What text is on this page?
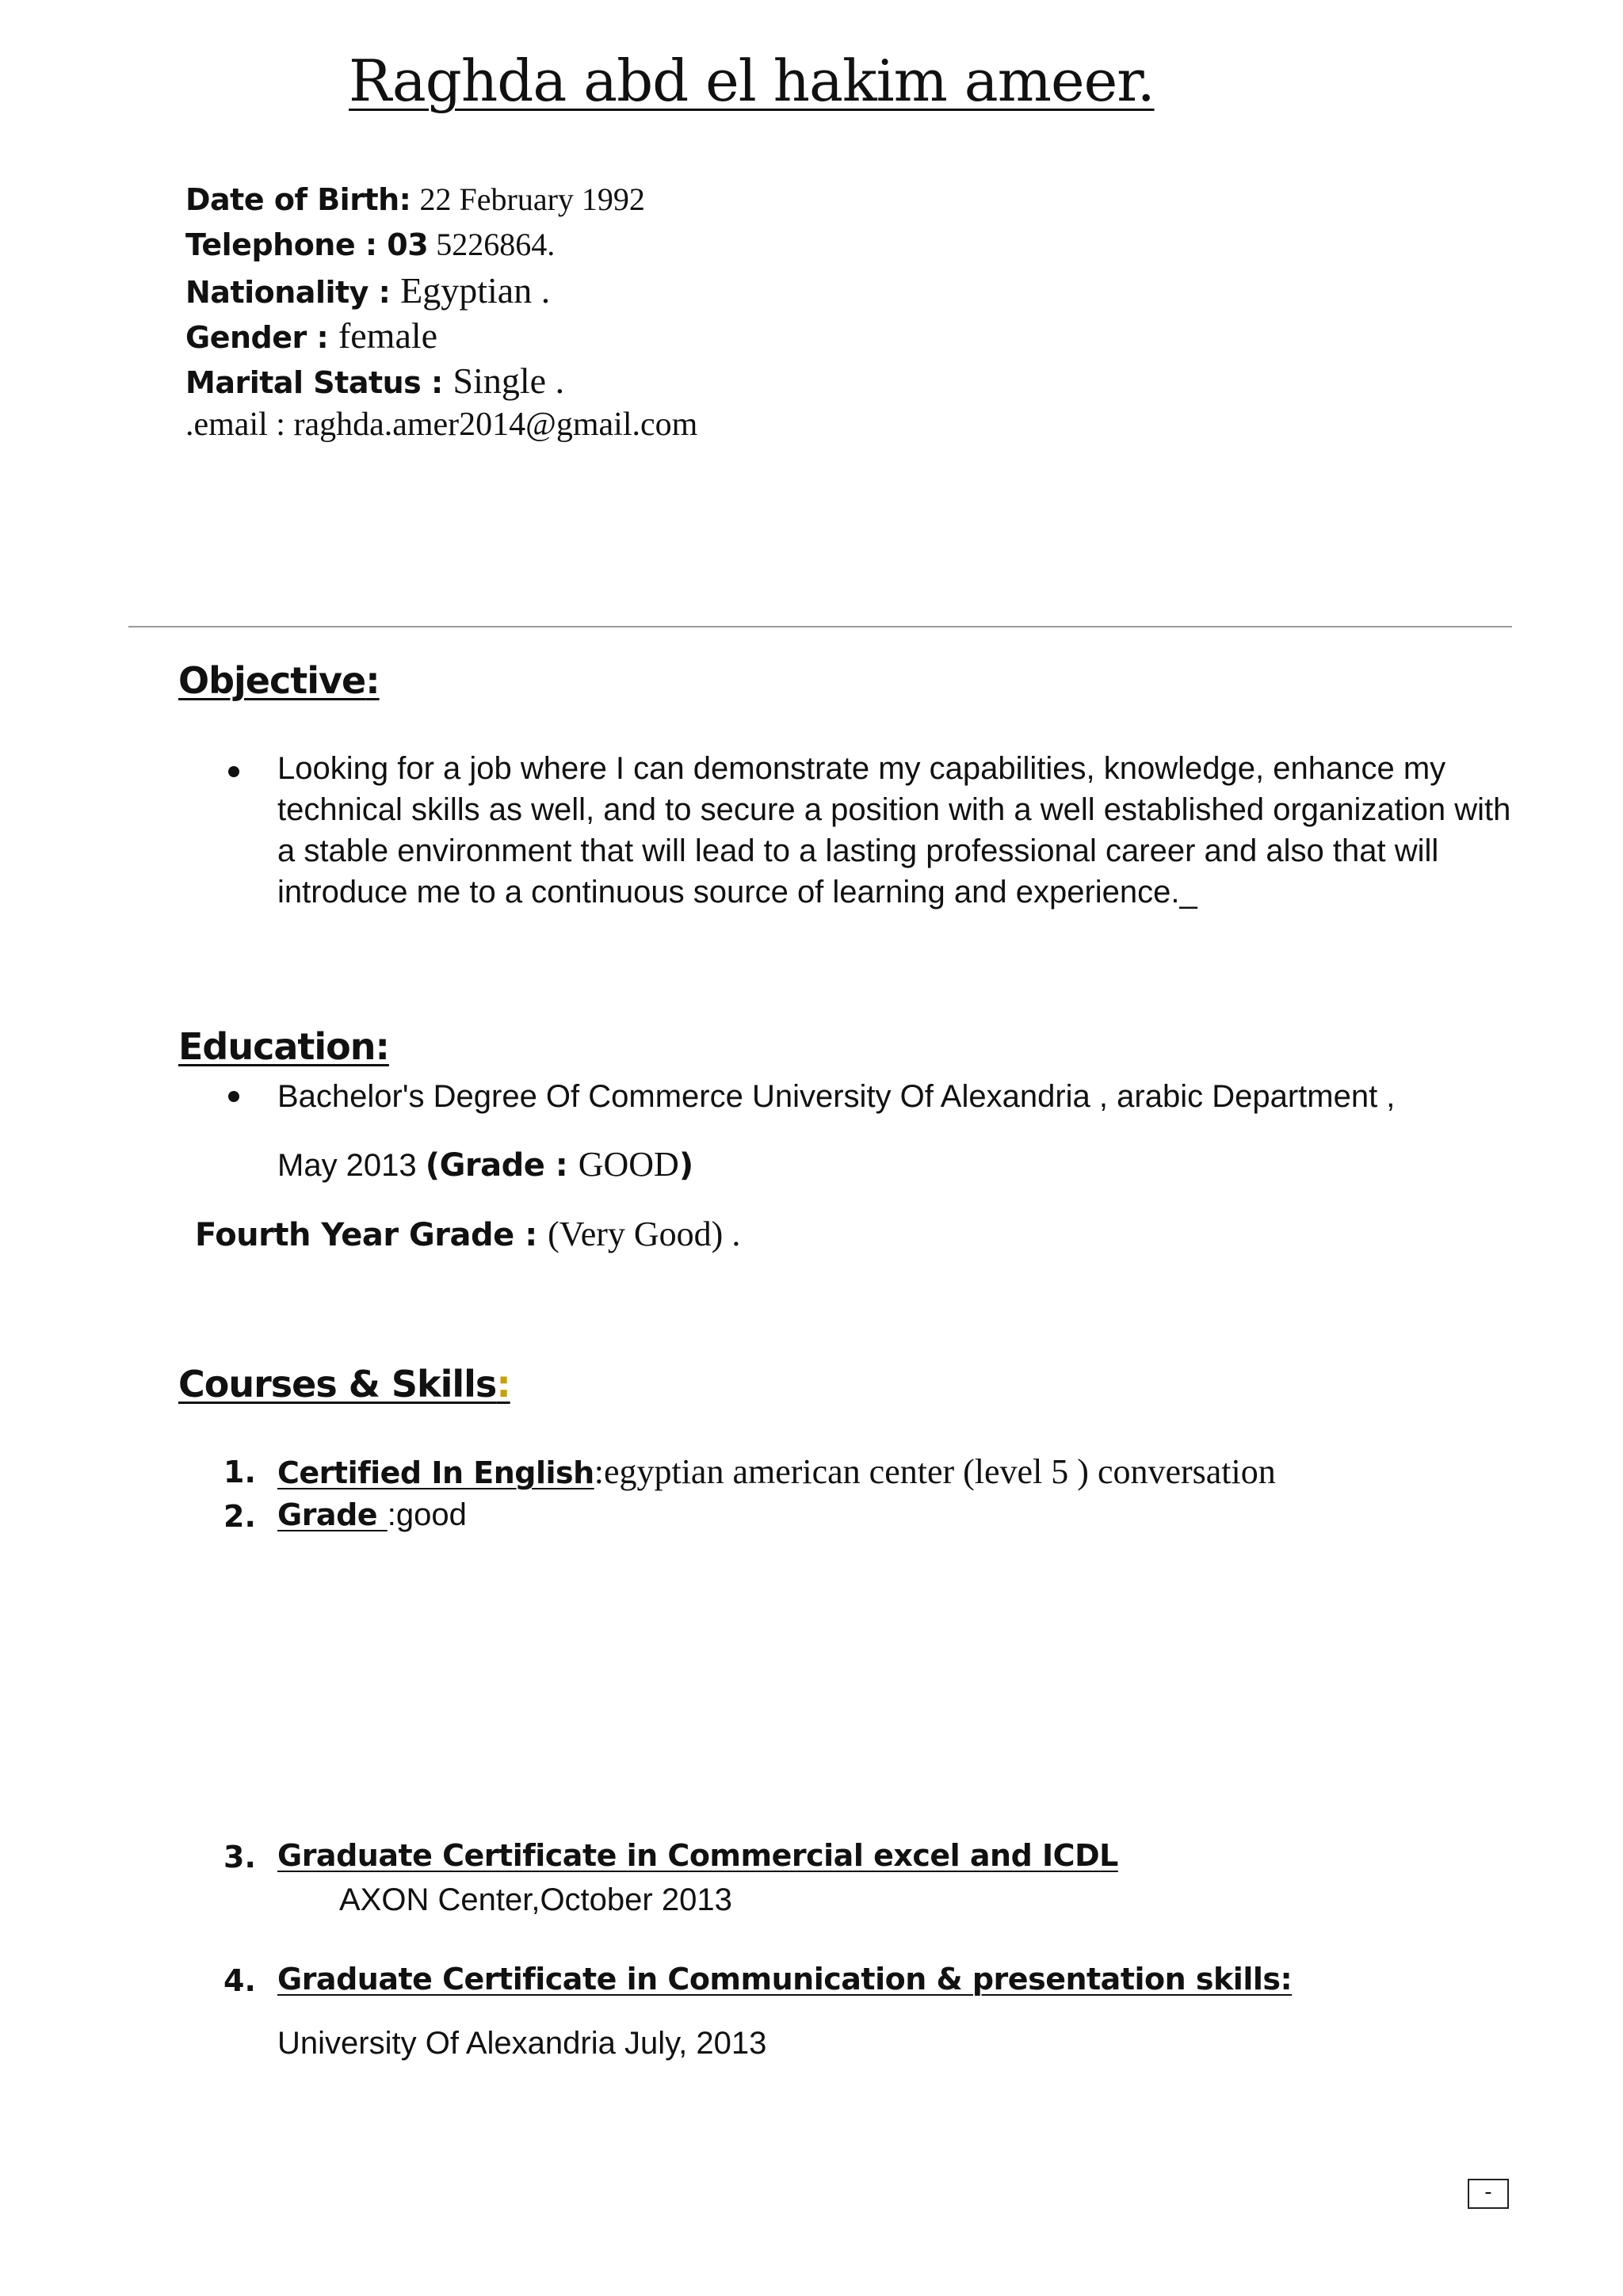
Raghda abd el hakim ameer.
Date of Birth: 22 February 1992
Telephone : 03 5226864.
Nationality : Egyptian .
Gender : female
Marital Status : Single .
.email : raghda.amer2014@gmail.com
Objective:
Looking for a job where I can demonstrate my capabilities, knowledge, enhance my technical skills as well, and to secure a position with a well established organization with a stable environment that will lead to a lasting professional career and also that will introduce me to a continuous source of learning and experience._
Education:
Bachelor's Degree Of Commerce University Of Alexandria , arabic Department ,
May 2013 (Grade : GOOD)
Fourth Year Grade : (Very Good) .
Courses & Skills:
1. Certified In English:egyptian american center (level 5 ) conversation
2. Grade :good
3. Graduate Certificate in Commercial excel and ICDL
AXON Center,October 2013
4. Graduate Certificate in Communication & presentation skills:
University Of Alexandria July, 2013
-
